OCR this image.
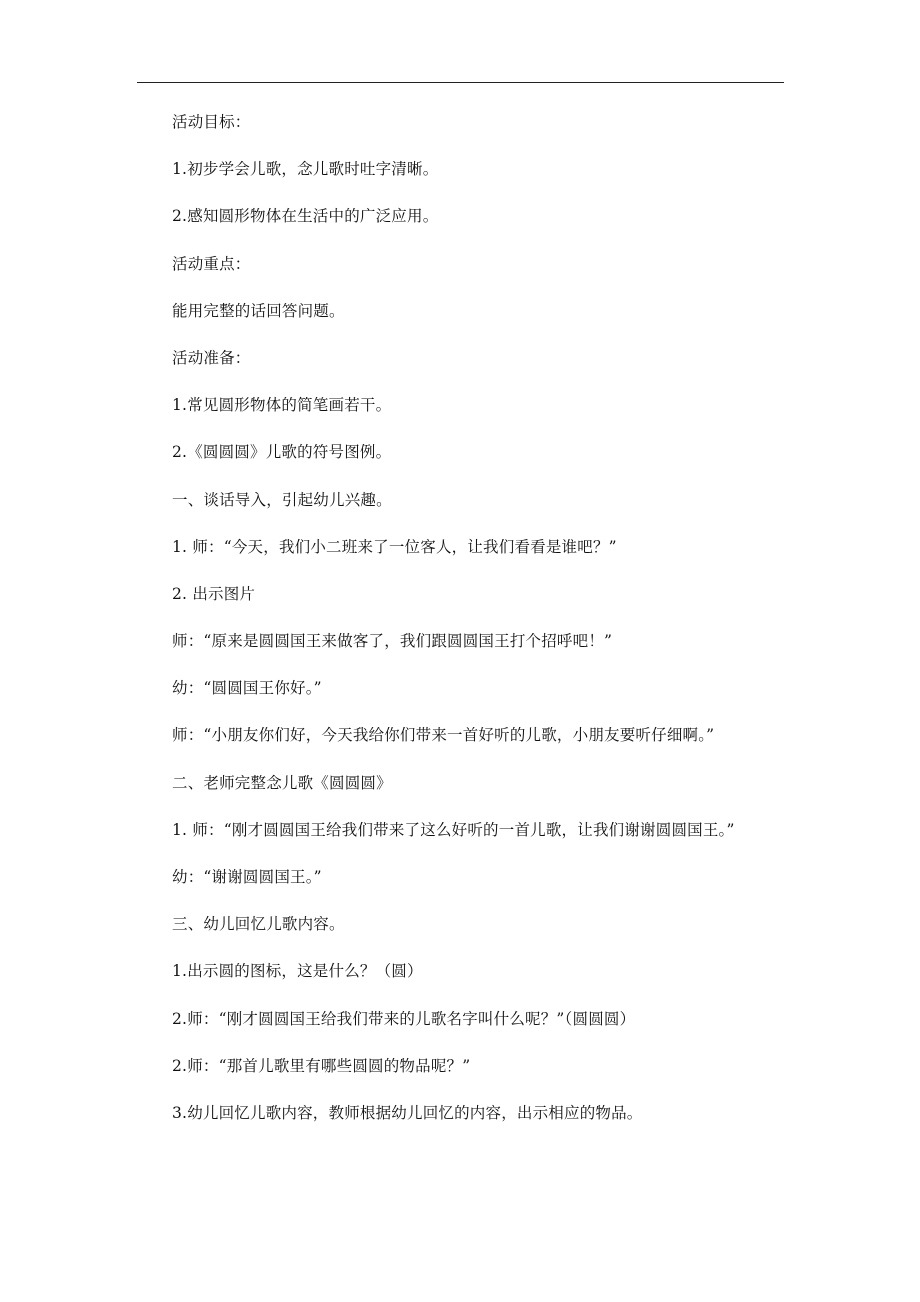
活动目标：
1.初步学会儿歌，念儿歌时吐字清晰。
2.感知圆形物体在生活中的广泛应用。
活动重点：
能用完整的话回答问题。
活动准备：
1.常见圆形物体的简笔画若干。
2.《圆圆圆》儿歌的符号图例。
一、谈话导入，引起幼儿兴趣。
1. 师：“今天，我们小二班来了一位客人，让我们看看是谁吧？”
2. 出示图片
师：“原来是圆圆国王来做客了，我们跟圆圆国王打个招呼吧！”
幼：“圆圆国王你好。”
师：“小朋友你们好，今天我给你们带来一首好听的儿歌，小朋友要听仔细啊。”
二、老师完整念儿歌《圆圆圆》
1. 师：“刚才圆圆国王给我们带来了这么好听的一首儿歌，让我们谢谢圆圆国王。”
幼：“谢谢圆圆国王。”
三、幼儿回忆儿歌内容。
1.出示圆的图标，这是什么？（圆）
2.师：“刚才圆圆国王给我们带来的儿歌名字叫什么呢？”（圆圆圆）
2.师：“那首儿歌里有哪些圆圆的物品呢？”
3.幼儿回忆儿歌内容，教师根据幼儿回忆的内容，出示相应的物品。
